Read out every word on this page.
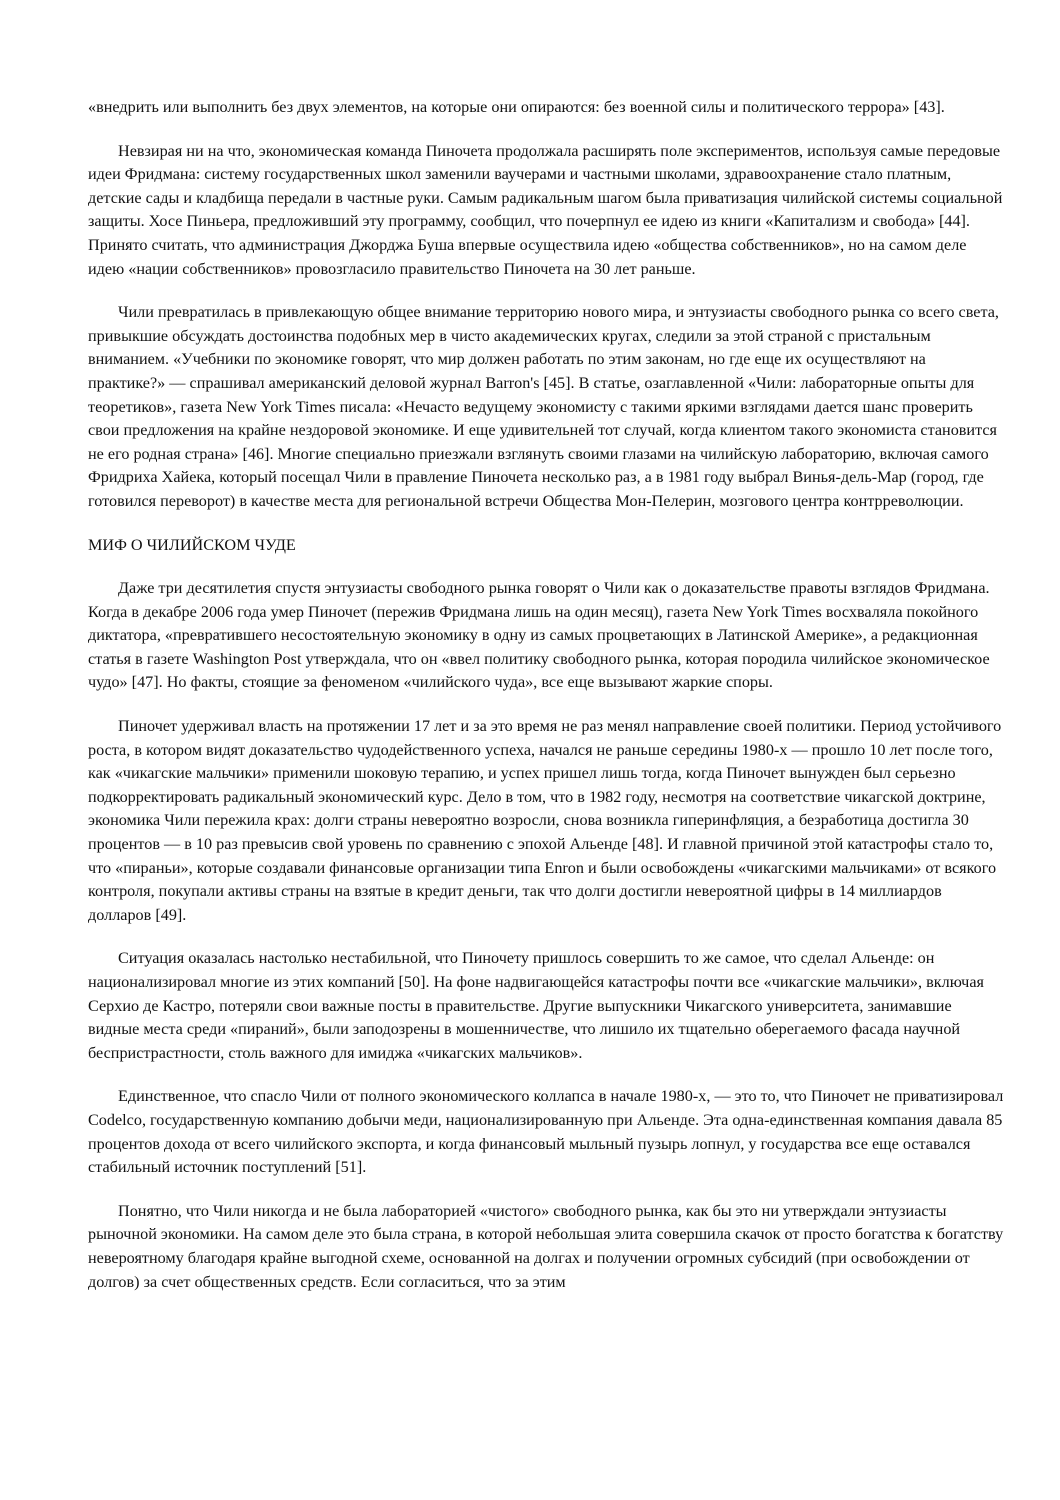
«внедрить или выполнить без двух элементов, на которые они опираются: без военной силы и политического террора» [43].

Невзирая ни на что, экономическая команда Пиночета продолжала расширять поле экспериментов, используя самые передовые идеи Фридмана: систему государственных школ заменили ваучерами и частными школами, здравоохранение стало платным, детские сады и кладбища передали в частные руки. Самым радикальным шагом была приватизация чилийской системы социальной защиты. Хосе Пиньера, предложивший эту программу, сообщил, что почерпнул ее идею из книги «Капитализм и свобода» [44]. Принято считать, что администрация Джорджа Буша впервые осуществила идею «общества собственников», но на самом деле идею «нации собственников» провозгласило правительство Пиночета на 30 лет раньше.

Чили превратилась в привлекающую общее внимание территорию нового мира, и энтузиасты свободного рынка со всего света, привыкшие обсуждать достоинства подобных мер в чисто академических кругах, следили за этой страной с пристальным вниманием. «Учебники по экономике говорят, что мир должен работать по этим законам, но где еще их осуществляют на практике?» — спрашивал американский деловой журнал Barron's [45]. В статье, озаглавленной «Чили: лабораторные опыты для теоретиков», газета New York Times писала: «Нечасто ведущему экономисту с такими яркими взглядами дается шанс проверить свои предложения на крайне нездоровой экономике. И еще удивительней тот случай, когда клиентом такого экономиста становится не его родная страна» [46]. Многие специально приезжали взглянуть своими глазами на чилийскую лабораторию, включая самого Фридриха Хайека, который посещал Чили в правление Пиночета несколько раз, а в 1981 году выбрал Винья-дель-Мар (город, где готовился переворот) в качестве места для региональной встречи Общества Мон-Пелерин, мозгового центра контрреволюции.

МИФ О ЧИЛИЙСКОМ ЧУДЕ

Даже три десятилетия спустя энтузиасты свободного рынка говорят о Чили как о доказательстве правоты взглядов Фридмана. Когда в декабре 2006 года умер Пиночет (пережив Фридмана лишь на один месяц), газета New York Times восхваляла покойного диктатора, «превратившего несостоятельную экономику в одну из самых процветающих в Латинской Америке», а редакционная статья в газете Washington Post утверждала, что он «ввел политику свободного рынка, которая породила чилийское экономическое чудо» [47]. Но факты, стоящие за феноменом «чилийского чуда», все еще вызывают жаркие споры.

Пиночет удерживал власть на протяжении 17 лет и за это время не раз менял направление своей политики. Период устойчивого роста, в котором видят доказательство чудодейственного успеха, начался не раньше середины 1980-х — прошло 10 лет после того, как «чикагские мальчики» применили шоковую терапию, и успех пришел лишь тогда, когда Пиночет вынужден был серьезно подкорректировать радикальный экономический курс. Дело в том, что в 1982 году, несмотря на соответствие чикагской доктрине, экономика Чили пережила крах: долги страны невероятно возросли, снова возникла гиперинфляция, а безработица достигла 30 процентов — в 10 раз превысив свой уровень по сравнению с эпохой Альенде [48]. И главной причиной этой катастрофы стало то, что «пираньи», которые создавали финансовые организации типа Enron и были освобождены «чикагскими мальчиками» от всякого контроля, покупали активы страны на взятые в кредит деньги, так что долги достигли невероятной цифры в 14 миллиардов долларов [49].

Ситуация оказалась настолько нестабильной, что Пиночету пришлось совершить то же самое, что сделал Альенде: он национализировал многие из этих компаний [50]. На фоне надвигающейся катастрофы почти все «чикагские мальчики», включая Серхио де Кастро, потеряли свои важные посты в правительстве. Другие выпускники Чикагского университета, занимавшие видные места среди «пираний», были заподозрены в мошенничестве, что лишило их тщательно оберегаемого фасада научной беспристрастности, столь важного для имиджа «чикагских мальчиков».

Единственное, что спасло Чили от полного экономического коллапса в начале 1980-х, — это то, что Пиночет не приватизировал Codelco, государственную компанию добычи меди, национализированную при Альенде. Эта одна-единственная компания давала 85 процентов дохода от всего чилийского экспорта, и когда финансовый мыльный пузырь лопнул, у государства все еще оставался стабильный источник поступлений [51].

Понятно, что Чили никогда и не была лабораторией «чистого» свободного рынка, как бы это ни утверждали энтузиасты рыночной экономики. На самом деле это была страна, в которой небольшая элита совершила скачок от просто богатства к богатству невероятному благодаря крайне выгодной схеме, основанной на долгах и получении огромных субсидий (при освобождении от долгов) за счет общественных средств. Если согласиться, что за этим
